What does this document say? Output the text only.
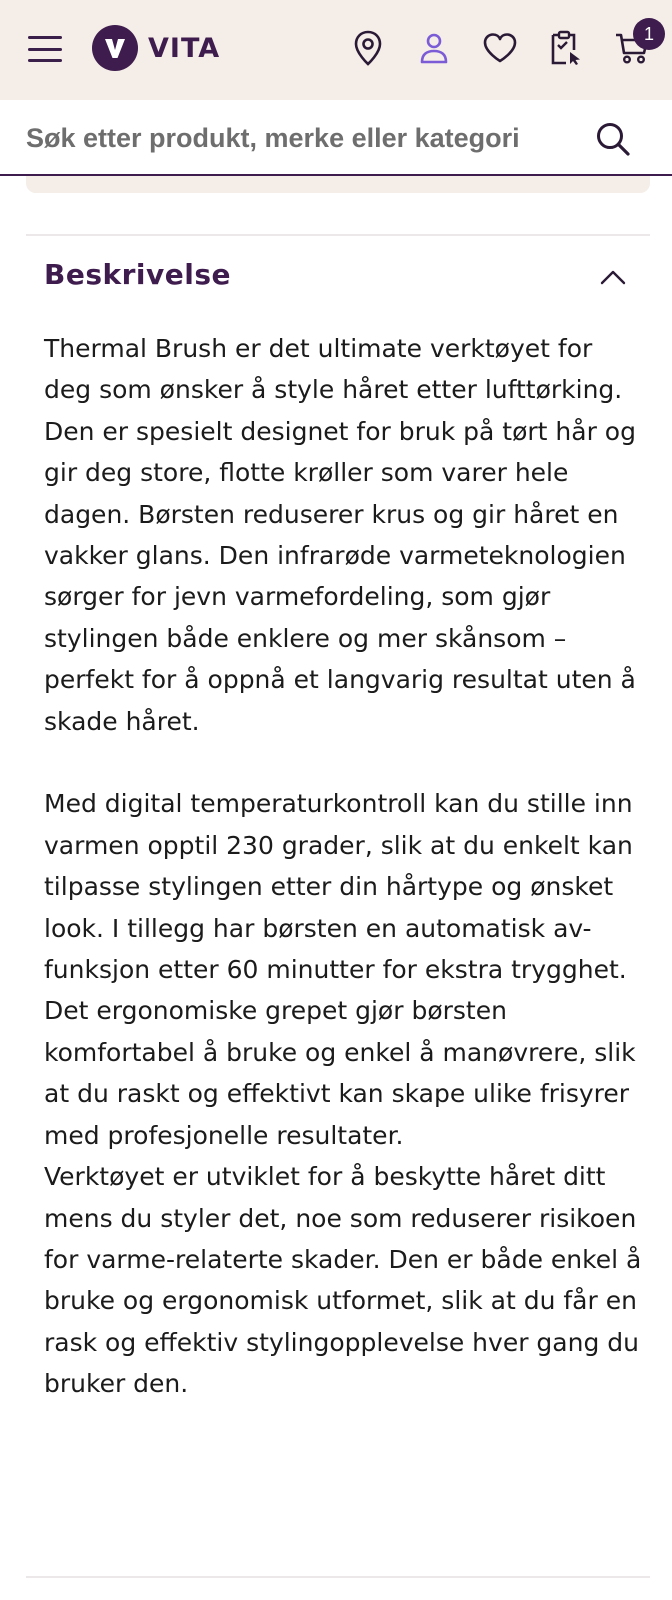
VITA	1
Søk etter produkt, merke eller kategori
Beskrivelse

Thermal Brush er det ultimate verktøyet for deg som ønsker å style håret etter lufttørking. Den er spesielt designet for bruk på tørt hår og gir deg store, flotte krøller som varer hele dagen. Børsten reduserer krus og gir håret en vakker glans. Den infrarøde varmeteknologien sørger for jevn varmefordeling, som gjør stylingen både enklere og mer skånsom – perfekt for å oppnå et langvarig resultat uten å skade håret.

Med digital temperaturkontroll kan du stille inn varmen opptil 230 grader, slik at du enkelt kan tilpasse stylingen etter din hårtype og ønsket look. I tillegg har børsten en automatisk av-funksjon etter 60 minutter for ekstra trygghet. Det ergonomiske grepet gjør børsten komfortabel å bruke og enkel å manøvrere, slik at du raskt og effektivt kan skape ulike frisyrer med profesjonelle resultater.

Verktøyet er utviklet for å beskytte håret ditt mens du styler det, noe som reduserer risikoen for varme-relaterte skader. Den er både enkel å bruke og ergonomisk utformet, slik at du får en rask og effektiv stylingopplevelse hver gang du bruker den.
